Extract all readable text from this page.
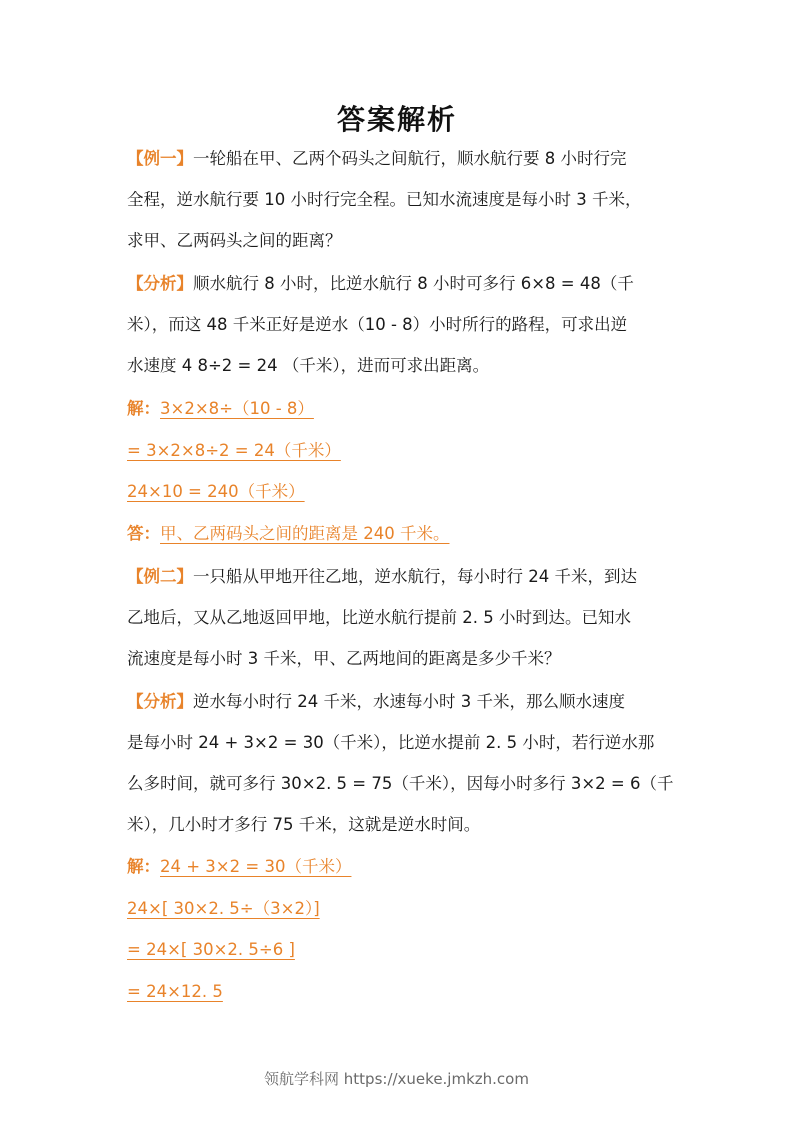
答案解析
【例一】一轮船在甲、乙两个码头之间航行，顺水航行要 8 小时行完
全程，逆水航行要 10 小时行完全程。已知水流速度是每小时 3 千米，
求甲、乙两码头之间的距离？
【分析】顺水航行 8 小时，比逆水航行 8 小时可多行 6×8 = 48（千
米），而这 48 千米正好是逆水（10 - 8）小时所行的路程，可求出逆
水速度 4 8÷2 = 24 （千米），进而可求出距离。
解：3×2×8÷（10 - 8）
= 3×2×8÷2 = 24（千米）
24×10 = 240（千米）
答：甲、乙两码头之间的距离是 240 千米。
【例二】一只船从甲地开往乙地，逆水航行，每小时行 24 千米，到达
乙地后，又从乙地返回甲地，比逆水航行提前 2. 5 小时到达。已知水
流速度是每小时 3 千米，甲、乙两地间的距离是多少千米？
【分析】逆水每小时行 24 千米，水速每小时 3 千米，那么顺水速度
是每小时 24 + 3×2 = 30（千米），比逆水提前 2. 5 小时，若行逆水那
么多时间，就可多行 30×2. 5 = 75（千米），因每小时多行 3×2 = 6（千
米），几小时才多行 75 千米，这就是逆水时间。
解：24 + 3×2 = 30（千米）
24×[ 30×2. 5÷（3×2）]
= 24×[ 30×2. 5÷6 ]
= 24×12. 5
领航学科网 https://xueke.jmkzh.com
